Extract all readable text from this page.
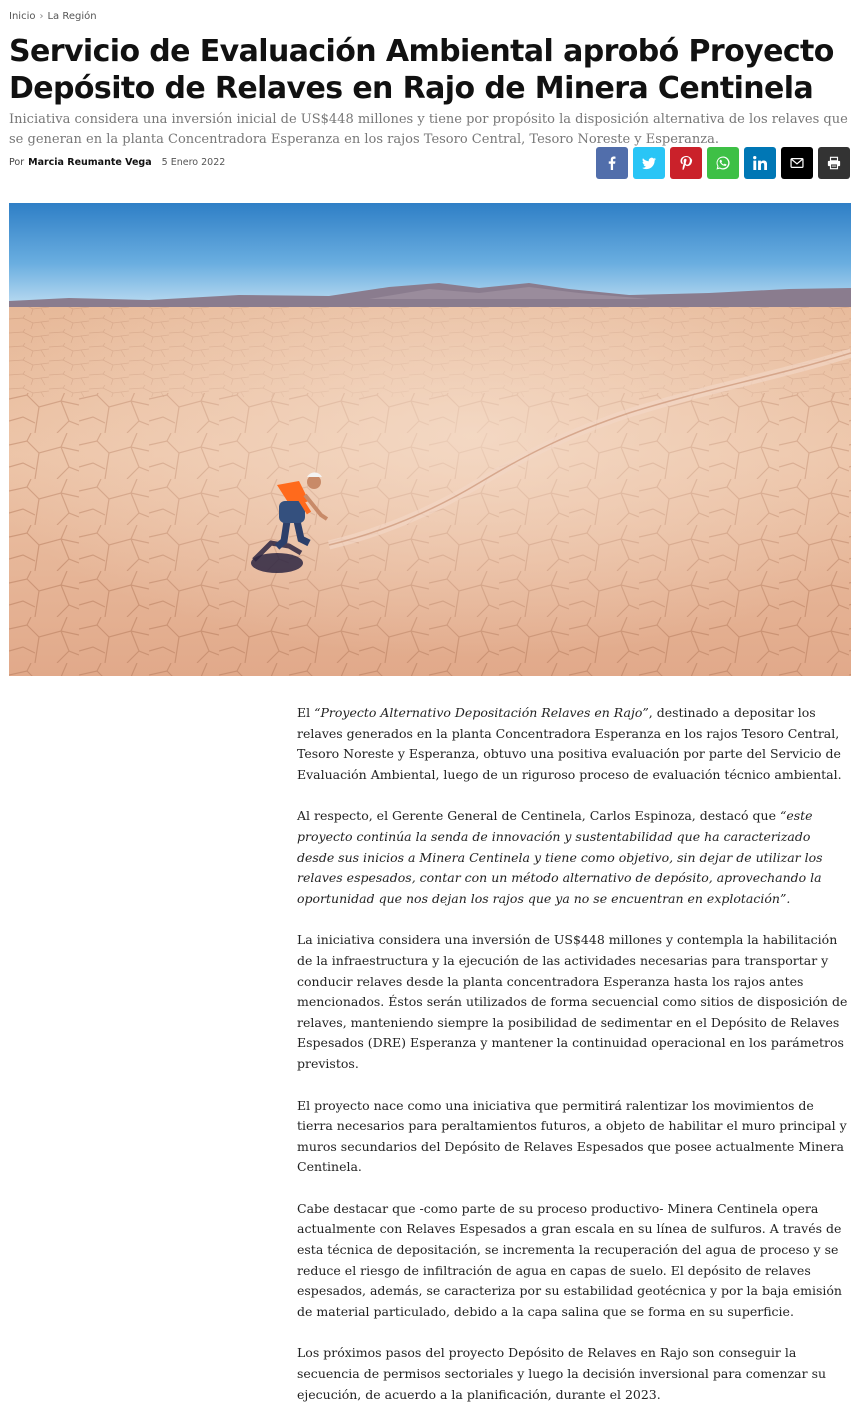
Inicio › La Región
Servicio de Evaluación Ambiental aprobó Proyecto Depósito de Relaves en Rajo de Minera Centinela

Iniciativa considera una inversión inicial de US$448 millones y tiene por propósito la disposición alternativa de los relaves que se generan en la planta Concentradora Esperanza en los rajos Tesoro Central, Tesoro Noreste y Esperanza.

Por Marcia Reumante Vega 5 Enero 2022

El “Proyecto Alternativo Depositación Relaves en Rajo”, destinado a depositar los relaves generados en la planta Concentradora Esperanza en los rajos Tesoro Central, Tesoro Noreste y Esperanza, obtuvo una positiva evaluación por parte del Servicio de Evaluación Ambiental, luego de un riguroso proceso de evaluación técnico ambiental.

Al respecto, el Gerente General de Centinela, Carlos Espinoza, destacó que “este proyecto continúa la senda de innovación y sustentabilidad que ha caracterizado desde sus inicios a Minera Centinela y tiene como objetivo, sin dejar de utilizar los relaves espesados, contar con un método alternativo de depósito, aprovechando la oportunidad que nos dejan los rajos que ya no se encuentran en explotación”.

La iniciativa considera una inversión de US$448 millones y contempla la habilitación de la infraestructura y la ejecución de las actividades necesarias para transportar y conducir relaves desde la planta concentradora Esperanza hasta los rajos antes mencionados. Éstos serán utilizados de forma secuencial como sitios de disposición de relaves, manteniendo siempre la posibilidad de sedimentar en el Depósito de Relaves Espesados (DRE) Esperanza y mantener la continuidad operacional en los parámetros previstos.

El proyecto nace como una iniciativa que permitirá ralentizar los movimientos de tierra necesarios para peraltamientos futuros, a objeto de habilitar el muro principal y muros secundarios del Depósito de Relaves Espesados que posee actualmente Minera Centinela.

Cabe destacar que -como parte de su proceso productivo- Minera Centinela opera actualmente con Relaves Espesados a gran escala en su línea de sulfuros. A través de esta técnica de depositación, se incrementa la recuperación del agua de proceso y se reduce el riesgo de infiltración de agua en capas de suelo. El depósito de relaves espesados, además, se caracteriza por su estabilidad geotécnica y por la baja emisión de material particulado, debido a la capa salina que se forma en su superficie.

Los próximos pasos del proyecto Depósito de Relaves en Rajo son conseguir la secuencia de permisos sectoriales y luego la decisión inversional para comenzar su ejecución, de acuerdo a la planificación, durante el 2023.
